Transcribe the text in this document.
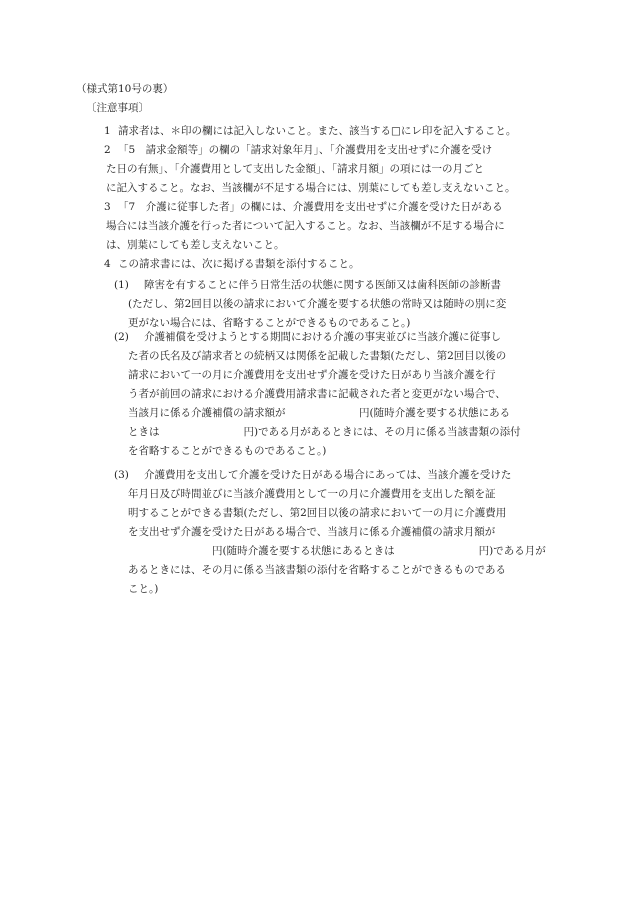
（様式第10号の裏）
〔注意事項〕
1 請求者は、＊印の欄には記入しないこと。また、該当する□にレ印を記入すること。
2 「5　請求金額等」の欄の「請求対象年月」、「介護費用を支出せずに介護を受け
た日の有無」、「介護費用として支出した金額」、「請求月額」の項には一の月ごと
に記入すること。なお、当該欄が不足する場合には、別葉にしても差し支えないこと。
3 「7　介護に従事した者」の欄には、介護費用を支出せずに介護を受けた日がある
場合には当該介護を行った者について記入すること。なお、当該欄が不足する場合に
は、別葉にしても差し支えないこと。
4 この請求書には、次に掲げる書類を添付すること。
(1) 障害を有することに伴う日常生活の状態に関する医師又は歯科医師の診断書
(ただし、第2回目以後の請求において介護を要する状態の常時又は随時の別に変
更がない場合には、省略することができるものであること。)
(2) 介護補償を受けようとする期間における介護の事実並びに当該介護に従事し
た者の氏名及び請求者との続柄又は関係を記載した書類(ただし、第2回目以後の
請求において一の月に介護費用を支出せず介護を受けた日があり当該介護を行
う者が前回の請求における介護費用請求書に記載された者と変更がない場合で、
当該月に係る介護補償の請求額が　　　　　　　円(随時介護を要する状態にある
ときは　　　　　　　　円)である月があるときには、その月に係る当該書類の添付
を省略することができるものであること。)
(3) 介護費用を支出して介護を受けた日がある場合にあっては、当該介護を受けた
年月日及び時間並びに当該介護費用として一の月に介護費用を支出した額を証
明することができる書類(ただし、第2回目以後の請求において一の月に介護費用
を支出せず介護を受けた日がある場合で、当該月に係る介護補償の請求月額が
　　　　　　　　円(随時介護を要する状態にあるときは　　　　　　　　円)である月が
あるときには、その月に係る当該書類の添付を省略することができるものである
こと。)
